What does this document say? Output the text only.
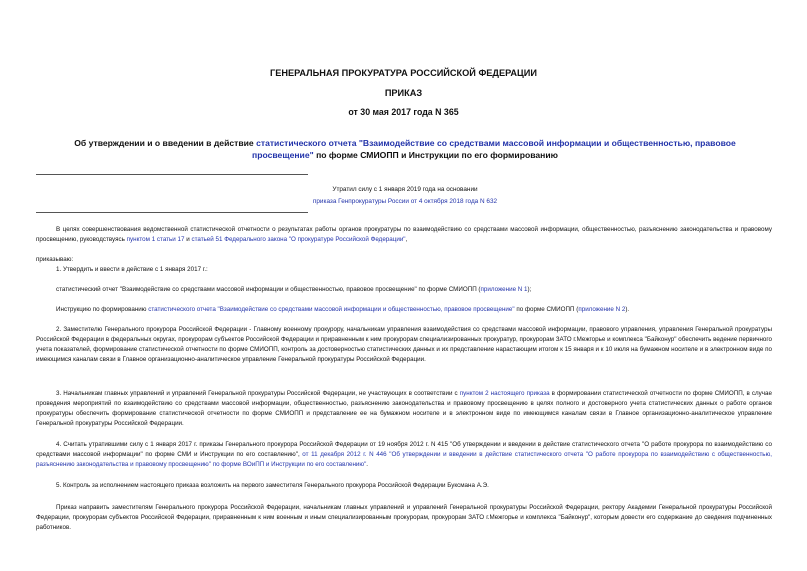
ГЕНЕРАЛЬНАЯ ПРОКУРАТУРА РОССИЙСКОЙ ФЕДЕРАЦИИ
ПРИКАЗ
от 30 мая 2017 года N 365
Об утверждении и о введении в действие статистического отчета "Взаимодействие со средствами массовой информации и общественностью, правовое просвещение" по форме СМИОПП и Инструкции по его формированию
Утратил силу с 1 января 2019 года на основании
приказа Генпрокуратуры России от 4 октября 2018 года N 632
В целях совершенствования ведомственной статистической отчетности о результатах работы органов прокуратуры по взаимодействию со средствами массовой информации, общественностью, разъяснению законодательства и правовому просвещению, руководствуясь пунктом 1 статьи 17 и статьей 51 Федерального закона "О прокуратуре Российской Федерации",
приказываю:
1. Утвердить и ввести в действие с 1 января 2017 г.:
статистический отчет "Взаимодействие со средствами массовой информации и общественностью, правовое просвещение" по форме СМИОПП (приложение N 1);
Инструкцию по формированию статистического отчета "Взаимодействие со средствами массовой информации и общественностью, правовое просвещение" по форме СМИОПП (приложение N 2).
2. Заместителю Генерального прокурора Российской Федерации - Главному военному прокурору, начальникам управления взаимодействия со средствами массовой информации, правового управления, управления Генеральной прокуратуры Российской Федерации в федеральных округах, прокурорам субъектов Российской Федерации и приравненным к ним прокурорам специализированных прокуратур, прокурорам ЗАТО г.Межгорье и комплекса "Байконур" обеспечить ведение первичного учета показателей, формирование статистической отчетности по форме СМИОПП, контроль за достоверностью статистических данных и их представление нарастающим итогом к 15 января и к 10 июля на бумажном носителе и в электронном виде по имеющимся каналам связи в Главное организационно-аналитическое управление Генеральной прокуратуры Российской Федерации.
3. Начальникам главных управлений и управлений Генеральной прокуратуры Российской Федерации, не участвующих в соответствии с пунктом 2 настоящего приказа в формировании статистической отчетности по форме СМИОПП, в случае проведения мероприятий по взаимодействию со средствами массовой информации, общественностью, разъяснению законодательства и правовому просвещению в целях полного и достоверного учета статистических данных о работе органов прокуратуры обеспечить формирование статистической отчетности по форме СМИОПП и представление ее на бумажном носителе и в электронном виде по имеющимся каналам связи в Главное организационно-аналитическое управление Генеральной прокуратуры Российской Федерации.
4. Считать утратившими силу с 1 января 2017 г. приказы Генерального прокурора Российской Федерации от 19 ноября 2012 г. N 415 "Об утверждении и введении в действие статистического отчета "О работе прокурора по взаимодействию со средствами массовой информации" по форме СМИ и Инструкции по его составлению", от 11 декабря 2012 г. N 446 "Об утверждении и введении в действие статистического отчета "О работе прокурора по взаимодействию с общественностью, разъяснению законодательства и правовому просвещению" по форме ВОиПП и Инструкции по его составлению".
5. Контроль за исполнением настоящего приказа возложить на первого заместителя Генерального прокурора Российской Федерации Буксмана А.Э.
Приказ направить заместителям Генерального прокурора Российской Федерации, начальникам главных управлений и управлений Генеральной прокуратуры Российской Федерации, ректору Академии Генеральной прокуратуры Российской Федерации, прокурорам субъектов Российской Федерации, приравненным к ним военным и иным специализированным прокурорам, прокурорам ЗАТО г.Межгорье и комплекса "Байконур", которым довести его содержание до сведения подчиненных работников.
